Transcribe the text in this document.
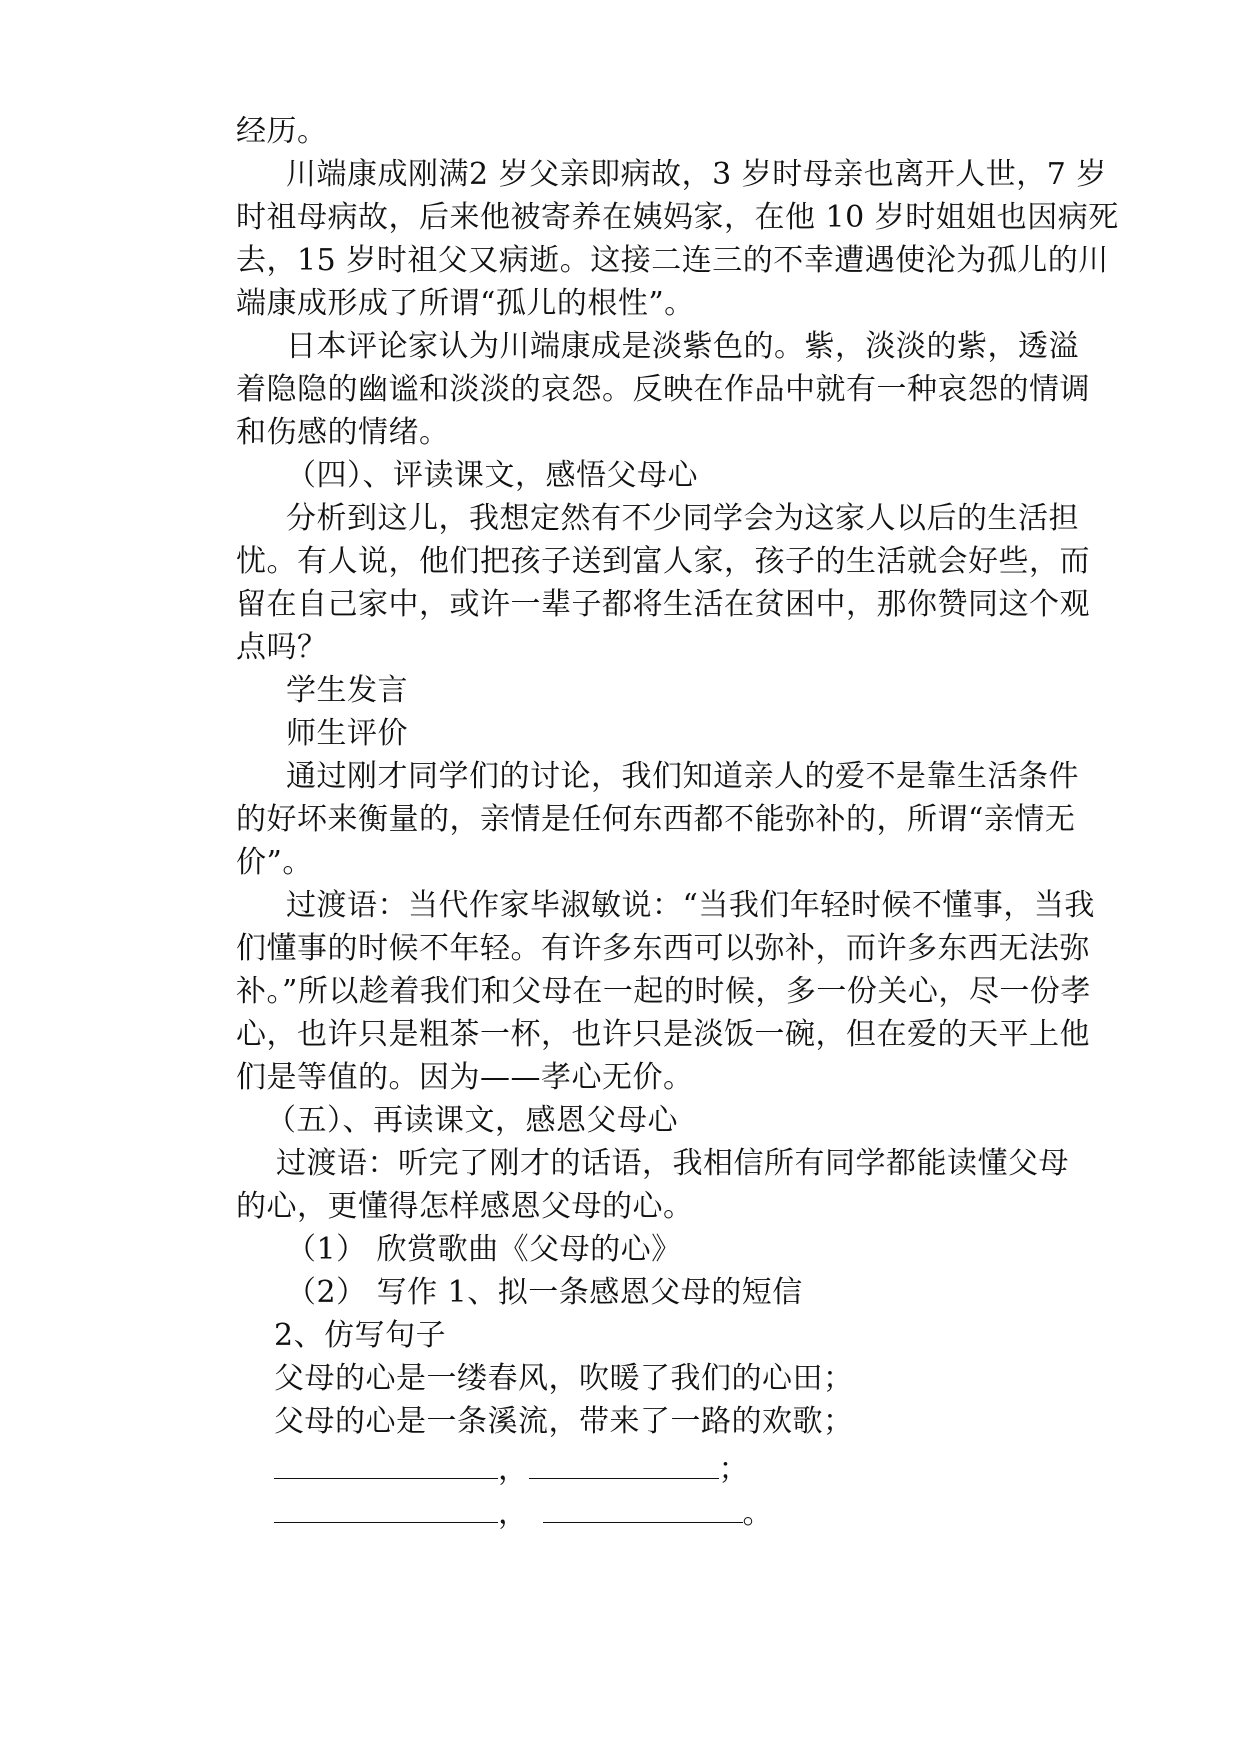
经历。
川端康成刚满2 岁父亲即病故，3 岁时母亲也离开人世，7 岁
时祖母病故，后来他被寄养在姨妈家，在他 10 岁时姐姐也因病死
去，15 岁时祖父又病逝。这接二连三的不幸遭遇使沦为孤儿的川
端康成形成了所谓“孤儿的根性”。
日本评论家认为川端康成是淡紫色的。紫，淡淡的紫，透溢
着隐隐的幽谧和淡淡的哀怨。反映在作品中就有一种哀怨的情调
和伤感的情绪。
（四）、评读课文，感悟父母心
分析到这儿，我想定然有不少同学会为这家人以后的生活担
忧。有人说，他们把孩子送到富人家，孩子的生活就会好些，而
留在自己家中，或许一辈子都将生活在贫困中，那你赞同这个观
点吗？
学生发言
师生评价
通过刚才同学们的讨论，我们知道亲人的爱不是靠生活条件
的好坏来衡量的，亲情是任何东西都不能弥补的，所谓“亲情无
价”。
过渡语：当代作家毕淑敏说：“当我们年轻时候不懂事，当我
们懂事的时候不年轻。有许多东西可以弥补，而许多东西无法弥
补。”所以趁着我们和父母在一起的时候，多一份关心，尽一份孝
心，也许只是粗茶一杯，也许只是淡饭一碗，但在爱的天平上他
们是等值的。因为——孝心无价。
（五）、再读课文，感恩父母心
过渡语：听完了刚才的话语，我相信所有同学都能读懂父母
的心，更懂得怎样感恩父母的心。
（1） 欣赏歌曲《父母的心》
（2） 写作 1、拟一条感恩父母的短信
2、仿写句子
父母的心是一缕春风，吹暖了我们的心田；
父母的心是一条溪流，带来了一路的欢歌；
，	；
，	。
